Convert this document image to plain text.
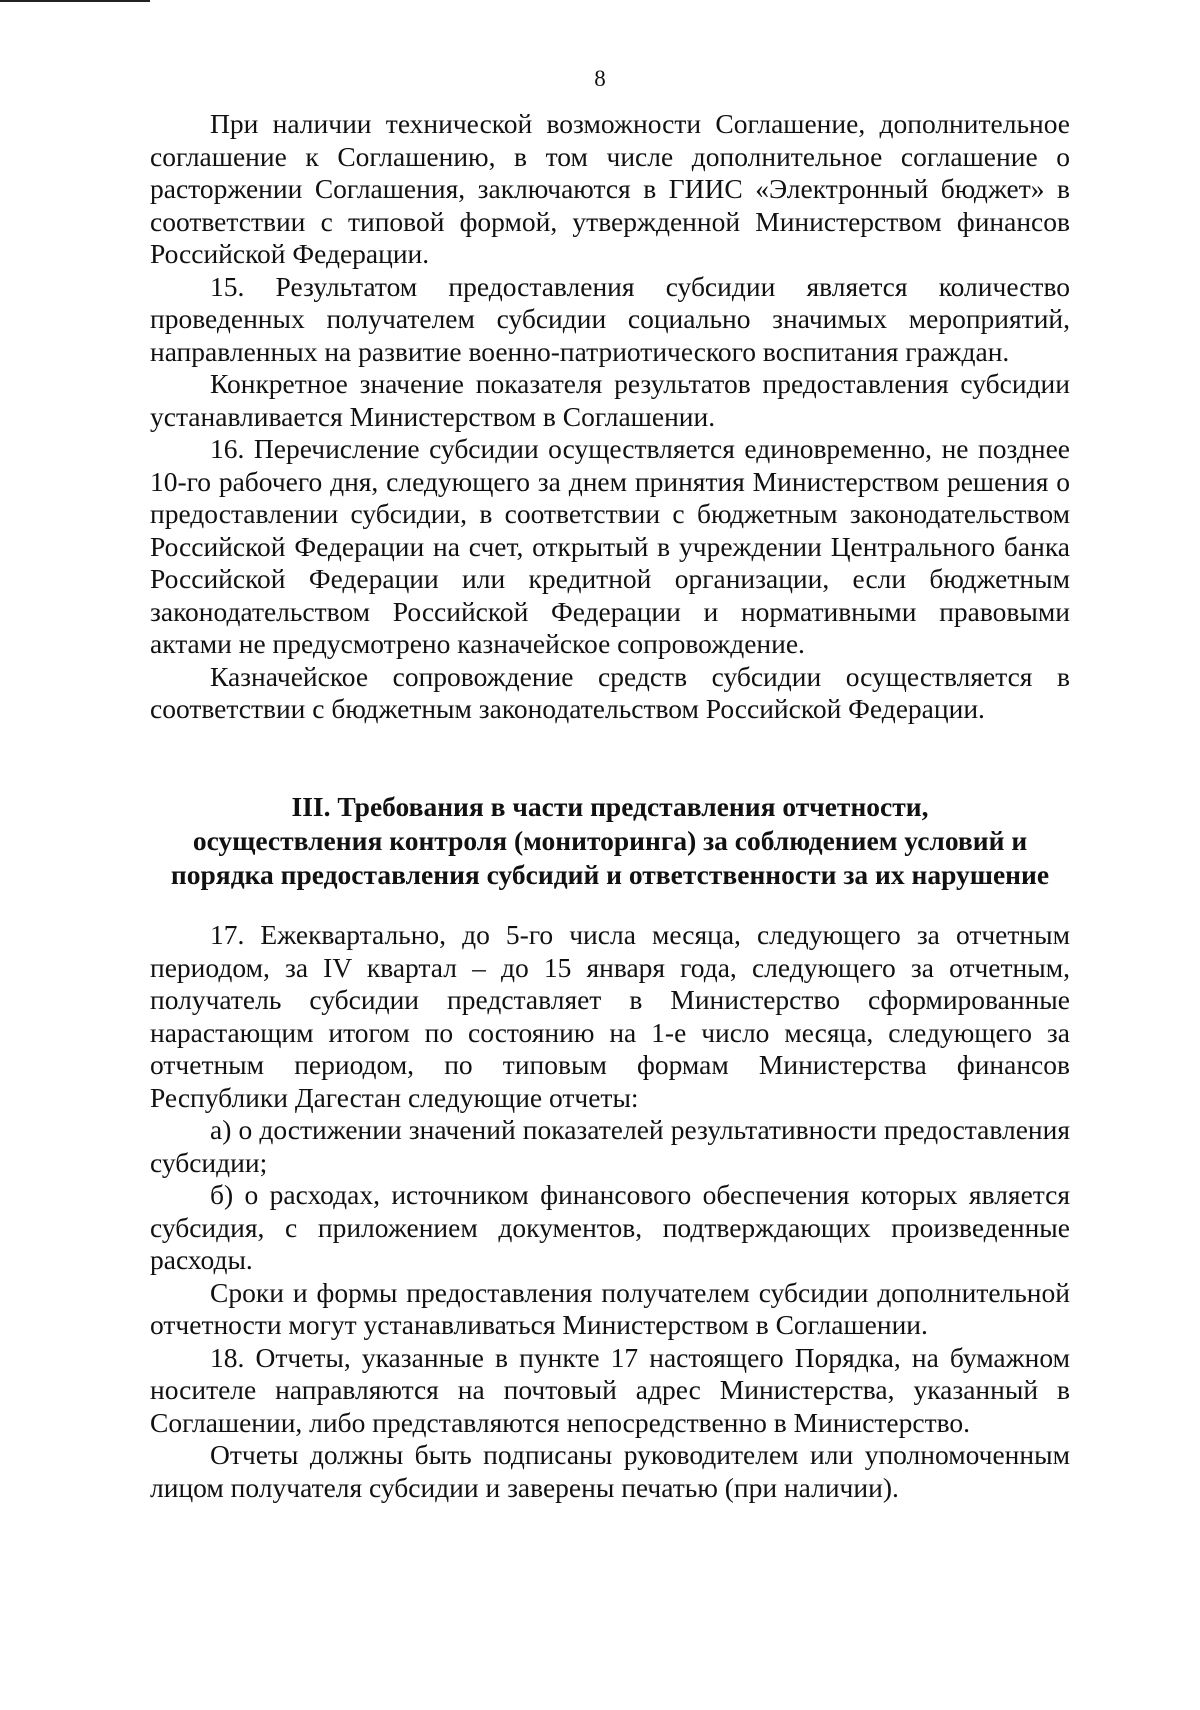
8

При наличии технической возможности Соглашение, дополнительное соглашение к Соглашению, в том числе дополнительное соглашение о расторжении Соглашения, заключаются в ГИИС «Электронный бюджет» в соответствии с типовой формой, утвержденной Министерством финансов Российской Федерации.

15. Результатом предоставления субсидии является количество проведенных получателем субсидии социально значимых мероприятий, направленных на развитие военно-патриотического воспитания граждан.

Конкретное значение показателя результатов предоставления субсидии устанавливается Министерством в Соглашении.

16. Перечисление субсидии осуществляется единовременно, не позднее 10-го рабочего дня, следующего за днем принятия Министерством решения о предоставлении субсидии, в соответствии с бюджетным законодательством Российской Федерации на счет, открытый в учреждении Центрального банка Российской Федерации или кредитной организации, если бюджетным законодательством Российской Федерации и нормативными правовыми актами не предусмотрено казначейское сопровождение.

Казначейское сопровождение средств субсидии осуществляется в соответствии с бюджетным законодательством Российской Федерации.

III. Требования в части представления отчетности,
осуществления контроля (мониторинга) за соблюдением условий и
порядка предоставления субсидий и ответственности за их нарушение

17. Ежеквартально, до 5-го числа месяца, следующего за отчетным периодом, за IV квартал – до 15 января года, следующего за отчетным, получатель субсидии представляет в Министерство сформированные нарастающим итогом по состоянию на 1-е число месяца, следующего за отчетным периодом, по типовым формам Министерства финансов Республики Дагестан следующие отчеты:

а) о достижении значений показателей результативности предоставления субсидии;

б) о расходах, источником финансового обеспечения которых является субсидия, с приложением документов, подтверждающих произведенные расходы.

Сроки и формы предоставления получателем субсидии дополнительной отчетности могут устанавливаться Министерством в Соглашении.

18. Отчеты, указанные в пункте 17 настоящего Порядка, на бумажном носителе направляются на почтовый адрес Министерства, указанный в Соглашении, либо представляются непосредственно в Министерство.

Отчеты должны быть подписаны руководителем или уполномоченным лицом получателя субсидии и заверены печатью (при наличии).
